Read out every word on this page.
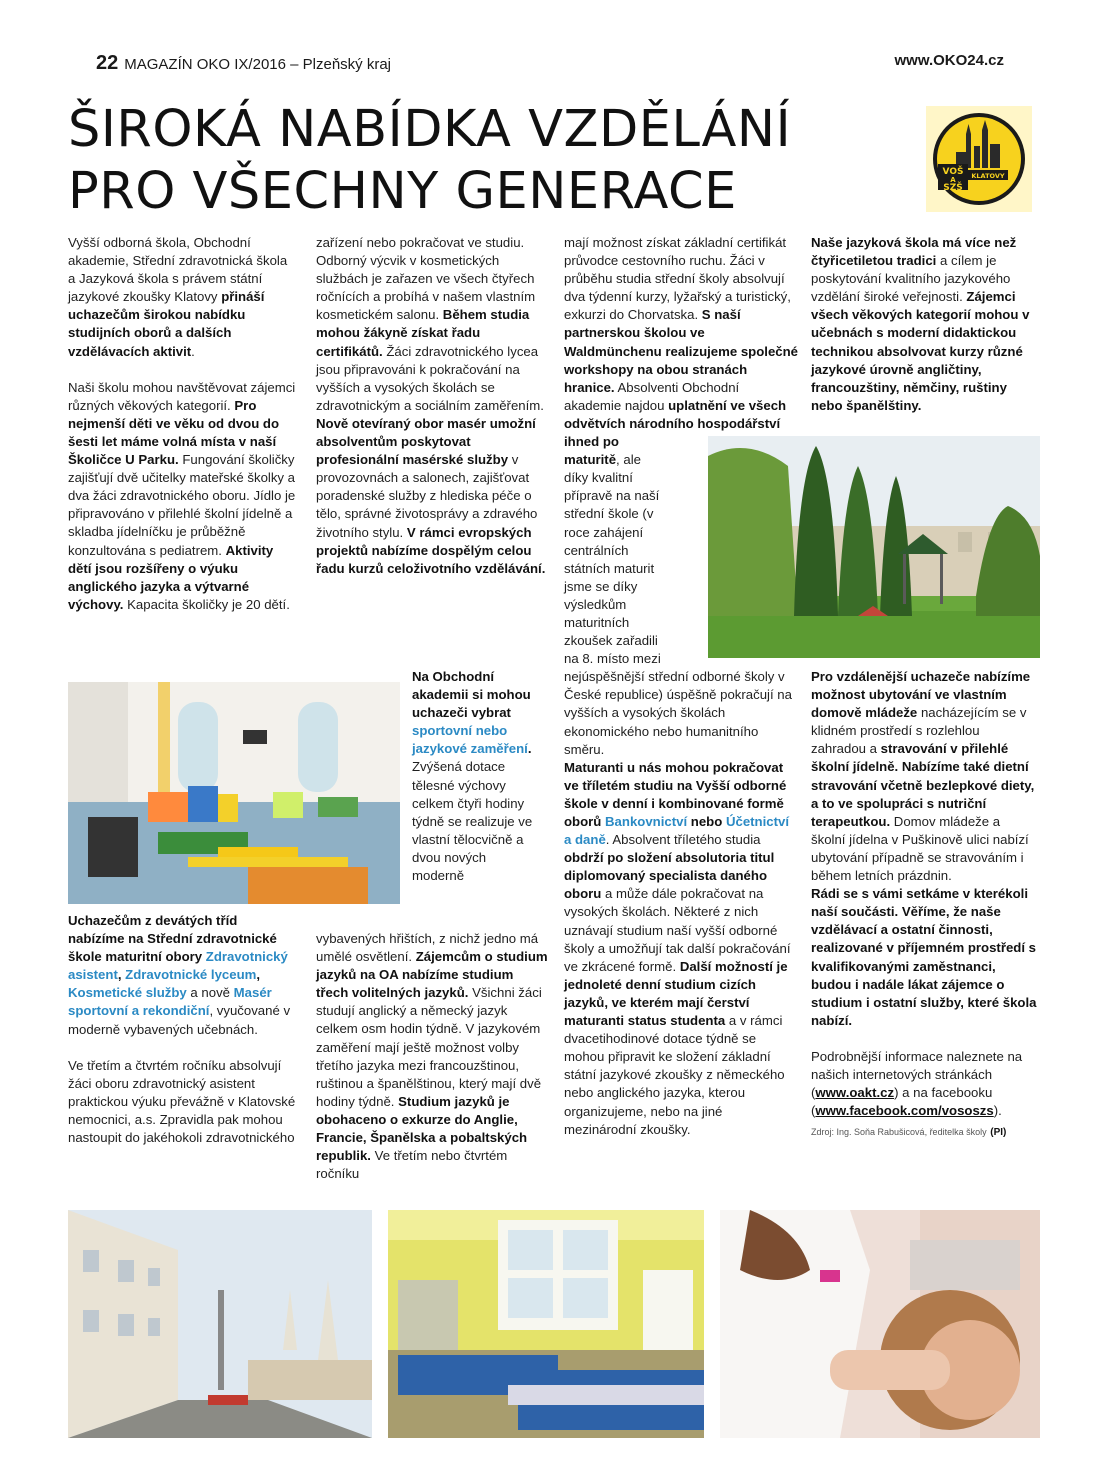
22 MAGAZÍN OKO IX/2016 – Plzeňský kraj	www.OKO24.cz
ŠIROKÁ NABÍDKA VZDĚLÁNÍ
PRO VŠECHNY GENERACE	VOŠ
A
SZŠ
KLATOVY

Vyšší odborná škola, Obchodní akademie, Střední zdravotnická škola a Jazyková škola s právem státní jazykové zkoušky Klatovy přináší uchazečům širokou nabídku studijních oborů a dalších vzdělávacích aktivit.

Naši školu mohou navštěvovat zájemci různých věkových kategorií. Pro nejmenší děti ve věku od dvou do šesti let máme volná místa v naší Školičce U Parku. Fungování školičky zajišťují dvě učitelky mateřské školky a dva žáci zdravotnického oboru. Jídlo je připravováno v přilehlé školní jídelně a skladba jídelníčku je průběžně konzultována s pediatrem. Aktivity dětí jsou rozšířeny o výuku anglického jazyka a výtvarné výchovy. Kapacita školičky je 20 dětí.

Uchazečům z devátých tříd nabízíme na Střední zdravotnické škole maturitní obory Zdravotnický asistent, Zdravotnické lyceum, Kosmetické služby a nově Masér sportovní a rekondiční, vyučované v moderně vybavených učebnách.

Ve třetím a čtvrtém ročníku absolvují žáci oboru zdravotnický asistent praktickou výuku převážně v Klatovské nemocnici, a.s. Zpravidla pak mohou nastoupit do jakéhokoli zdravotnického

zařízení nebo pokračovat ve studiu. Odborný výcvik v kosmetických službách je zařazen ve všech čtyřech ročnících a probíhá v našem vlastním kosmetickém salonu. Během studia mohou žákyně získat řadu certifikátů. Žáci zdravotnického lycea jsou připravováni k pokračování na vyšších a vysokých školách se zdravotnickým a sociálním zaměřením. Nově otevíraný obor masér umožní absolventům poskytovat profesionální masérské služby v provozovnách a salonech, zajišťovat poradenské služby z hlediska péče o tělo, správné životosprávy a zdravého životního stylu. V rámci evropských projektů nabízíme dospělým celou řadu kurzů celoživotního vzdělávání.

Na Obchodní akademii si mohou uchazeči vybrat sportovní nebo jazykové zaměření. Zvýšená dotace tělesné výchovy celkem čtyři hodiny týdně se realizuje ve vlastní tělocvičně a dvou nových moderně

vybavených hřištích, z nichž jedno má umělé osvětlení. Zájemcům o studium jazyků na OA nabízíme studium třech volitelných jazyků. Všichni žáci studují anglický a německý jazyk celkem osm hodin týdně. V jazykovém zaměření mají ještě možnost volby třetího jazyka mezi francouzštinou, ruštinou a španělštinou, který mají dvě hodiny týdně. Studium jazyků je obohaceno o exkurze do Anglie, Francie, Španělska a pobaltských republik. Ve třetím nebo čtvrtém ročníku

mají možnost získat základní certifikát průvodce cestovního ruchu. Žáci v průběhu studia střední školy absolvují dva týdenní kurzy, lyžařský a turistický, exkurzi do Chorvatska. S naší partnerskou školou ve Waldmünchenu realizujeme společné workshopy na obou stranách hranice. Absolventi Obchodní akademie najdou uplatnění ve všech odvětvích národního hospodářství ihned po maturitě, ale díky kvalitní přípravě na naší střední škole (v roce zahájení centrálních státních maturit jsme se díky výsledkům maturitních zkoušek zařadili na 8. místo mezi nejúspěšnější střední odborné školy v České republice) úspěšně pokračují na vyšších a vysokých školách ekonomického nebo humanitního směru.

Maturanti u nás mohou pokračovat ve tříletém studiu na Vyšší odborné škole v denní i kombinované formě oborů Bankovnictví nebo Účetnictví a daně. Absolvent tříletého studia obdrží po složení absolutoria titul diplomovaný specialista daného oboru a může dále pokračovat na vysokých školách. Některé z nich uznávají studium naší vyšší odborné školy a umožňují tak další pokračování ve zkrácené formě. Další možností je jednoleté denní studium cizích jazyků, ve kterém mají čerství maturanti status studenta a v rámci dvacetihodinové dotace týdně se mohou připravit ke složení základní státní jazykové zkoušky z německého nebo anglického jazyka, kterou organizujeme, nebo na jiné mezinárodní zkoušky.

Naše jazyková škola má více než čtyřicetiletou tradici a cílem je poskytování kvalitního jazykového vzdělání široké veřejnosti. Zájemci všech věkových kategorií mohou v učebnách s moderní didaktickou technikou absolvovat kurzy různé jazykové úrovně angličtiny, francouzštiny, němčiny, ruštiny nebo španělštiny.

Pro vzdálenější uchazeče nabízíme možnost ubytování ve vlastním domově mládeže nacházejícím se v klidném prostředí s rozlehlou zahradou a stravování v přilehlé školní jídelně. Nabízíme také dietní stravování včetně bezlepkové diety, a to ve spolupráci s nutriční terapeutkou. Domov mládeže a školní jídelna v Puškinově ulici nabízí ubytování případně se stravováním i během letních prázdnin.

Rádi se s vámi setkáme v kterékoli naší součásti. Věříme, že naše vzdělávací a ostatní činnosti, realizované v příjemném prostředí s kvalifikovanými zaměstnanci, budou i nadále lákat zájemce o studium i ostatní služby, které škola nabízí.

Podrobnější informace naleznete na našich internetových stránkách (www.oakt.cz) a na facebooku (www.facebook.com/vososzs).

Zdroj: Ing. Soňa Rabušicová, ředitelka školy (PI)
